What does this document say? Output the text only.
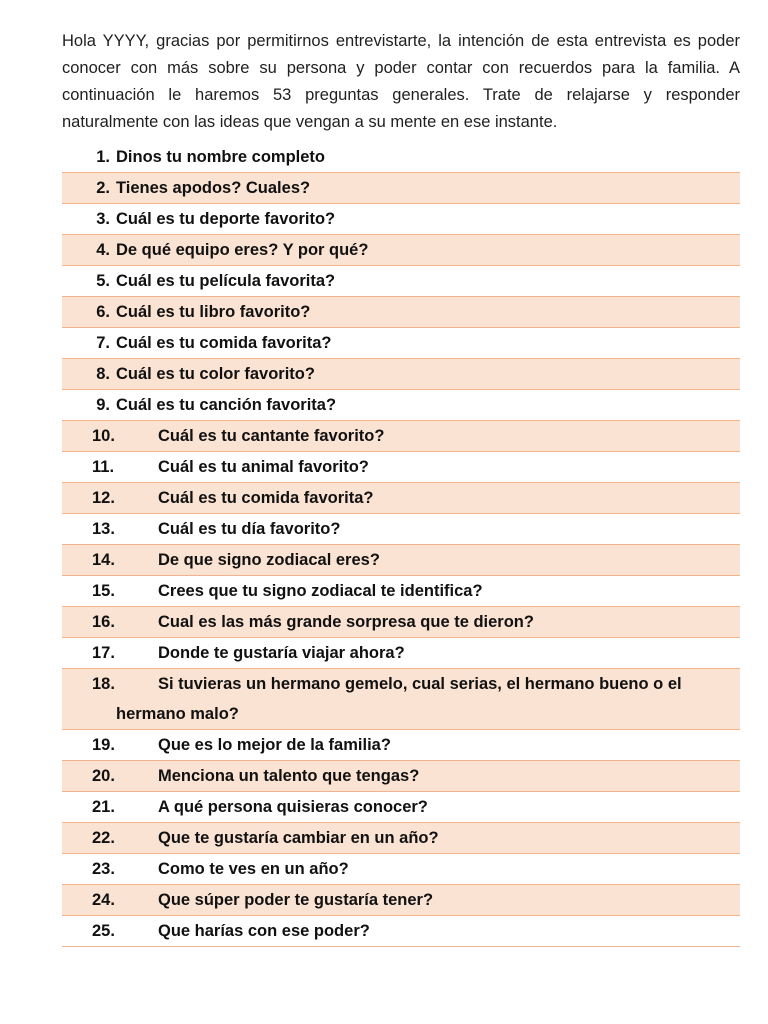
Hola YYYY, gracias por permitirnos entrevistarte, la intención de esta entrevista es poder conocer con más sobre su persona y poder contar con recuerdos para la familia. A continuación le haremos 53 preguntas generales. Trate de relajarse y responder naturalmente con las ideas que vengan a su mente en ese instante.

1. Dinos tu nombre completo
2. Tienes apodos? Cuales?
3. Cuál es tu deporte favorito?
4. De qué equipo eres? Y por qué?
5. Cuál es tu película favorita?
6. Cuál es tu libro favorito?
7. Cuál es tu comida favorita?
8. Cuál es tu color favorito?
9. Cuál es tu canción favorita?
10.	Cuál es tu cantante favorito?
11.	Cuál es tu animal favorito?
12.	Cuál es tu comida favorita?
13.	Cuál es tu día favorito?
14.	De que signo zodiacal eres?
15.	Crees que tu signo zodiacal te identifica?
16.	Cual es las más grande sorpresa que te dieron?
17.	Donde te gustaría viajar ahora?
18.	Si tuvieras un hermano gemelo, cual serias, el hermano bueno o el
hermano malo?
19.	Que es lo mejor de la familia?
20.	Menciona un talento que tengas?
21.	A qué persona quisieras conocer?
22.	Que te gustaría cambiar en un año?
23.	Como te ves en un año?
24.	Que súper poder te gustaría tener?
25.	Que harías con ese poder?
